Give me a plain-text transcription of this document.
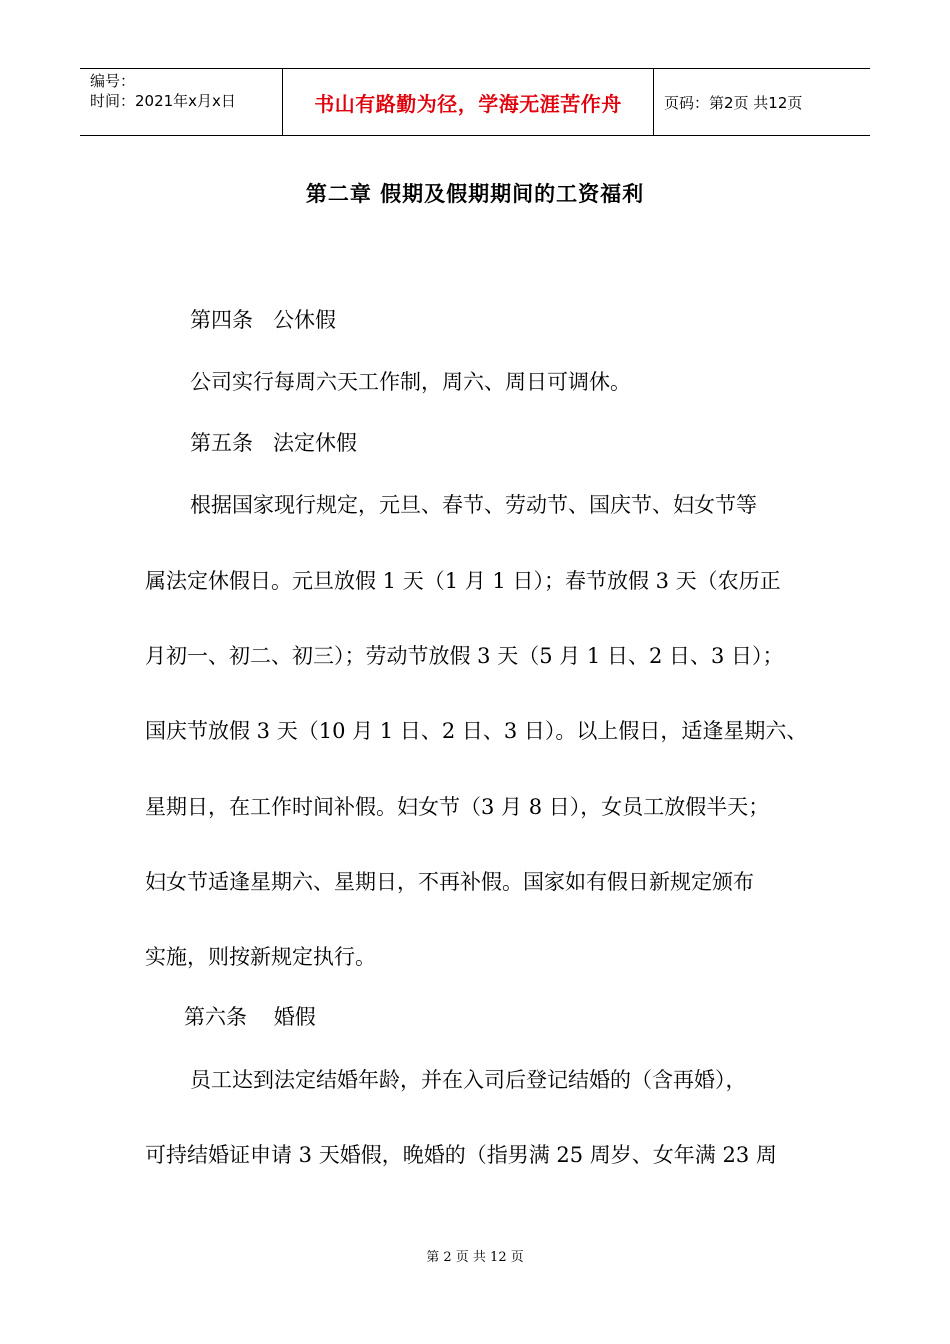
编号：
时间：2021年x月x日	书山有路勤为径，学海无涯苦作舟	页码：第2页 共12页
第二章 假期及假期期间的工资福利
第四条   公休假
公司实行每周六天工作制，周六、周日可调休。
第五条   法定休假
根据国家现行规定，元旦、春节、劳动节、国庆节、妇女节等
属法定休假日。元旦放假 1 天（1 月 1 日）；春节放假 3 天（农历正
月初一、初二、初三）；劳动节放假 3 天（5 月 1 日、2 日、3 日）；
国庆节放假 3 天（10 月 1 日、2 日、3 日）。以上假日，适逢星期六、
星期日，在工作时间补假。妇女节（3 月 8 日），女员工放假半天；
妇女节适逢星期六、星期日，不再补假。国家如有假日新规定颁布
实施，则按新规定执行。
第六条    婚假
员工达到法定结婚年龄，并在入司后登记结婚的（含再婚），
可持结婚证申请 3 天婚假，晚婚的（指男满 25 周岁、女年满 23 周
第 2 页 共 12 页
